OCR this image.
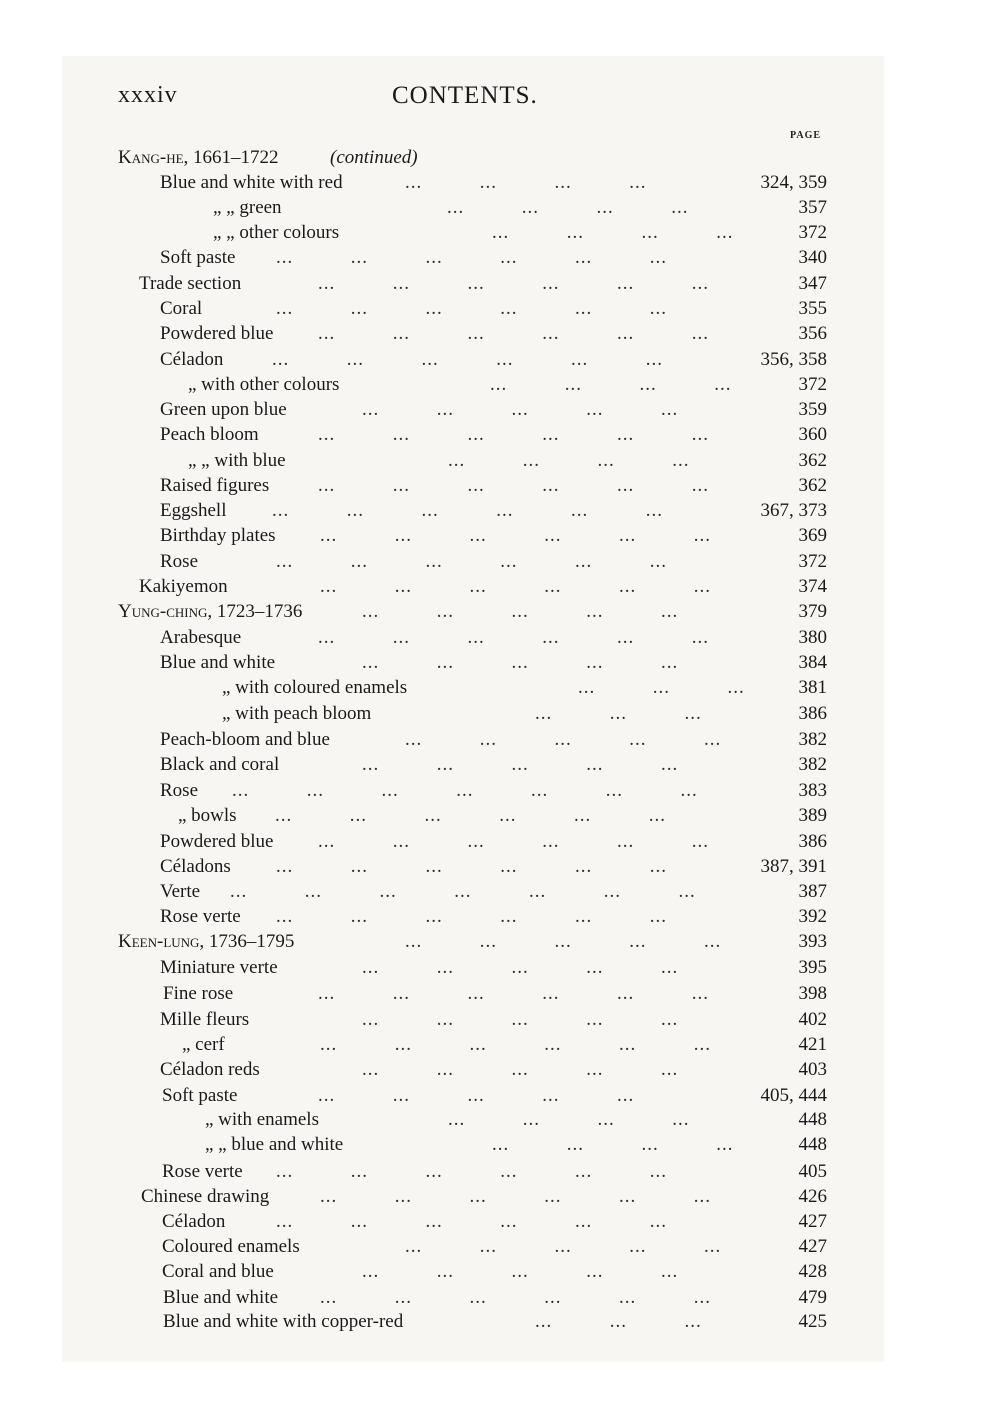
xxxiv	CONTENTS.
PAGE
Kang-he, 1661–1722	(continued)
Blue and white with red	...          ...          ...          ...	324, 359
„ „ green	...          ...          ...          ...	357
„ „ other colours	...          ...          ...          ...	372
Soft paste ...          ...          ...          ...          ...          ...	340
Trade section	...          ...          ...          ...          ...          ...	347
Coral	...          ...          ...          ...          ...          ...	355
Powdered blue ...          ...          ...          ...          ...          ...	356
Céladon	...          ...          ...          ...          ...          ...	356, 358
„ with other colours	...          ...          ...          ...	372
Green upon blue	...          ...          ...          ...          ...	359
Peach bloom	...          ...          ...          ...          ...          ...	360
„ „ with blue	...          ...          ...          ...	362
Raised figures	...          ...          ...          ...          ...          ...	362
Eggshell ...          ...          ...          ...          ...          ...	367, 373
Birthday plates ...          ...          ...          ...          ...          ...	369
Rose	...          ...          ...          ...          ...          ...	372
Kakiyemon	...          ...          ...          ...          ...          ...	374
Yung-ching, 1723–1736	...          ...          ...          ...          ...	379
Arabesque	...          ...          ...          ...          ...          ...	380
Blue and white	...          ...          ...          ...          ...	384
„ with coloured enamels	...          ...          ...	381
„ with peach bloom	...          ...          ...	386
Peach-bloom and blue	...          ...          ...          ...          ...	382
Black and coral	...          ...          ...          ...          ...	382
Rose ...          ...          ...          ...          ...          ...          ...	383
„ bowls ...          ...          ...          ...          ...          ...	389
Powdered blue ...          ...          ...          ...          ...          ...	386
Céladons ...          ...          ...          ...          ...          ...	387, 391
Verte ...          ...          ...          ...          ...          ...          ...	387
Rose verte ...          ...          ...          ...          ...          ...	392
Keen-lung, 1736–1795	...          ...          ...          ...          ...	393
Miniature verte	...          ...          ...          ...          ...	395
Fine rose	...          ...          ...          ...          ...          ...	398
Mille fleurs	...          ...          ...          ...          ...	402
„ cerf	...          ...          ...          ...          ...          ...	421
Céladon reds	...          ...          ...          ...          ...	403
Soft paste	...          ...          ...          ...          ...	405, 444
„ with enamels	...          ...          ...          ...	448
„ „ blue and white	...          ...          ...          ...	448
Rose verte ...          ...          ...          ...          ...          ...	405
Chinese drawing	...          ...          ...          ...          ...          ...	426
Céladon	...          ...          ...          ...          ...          ...	427
Coloured enamels	...          ...          ...          ...          ...	427
Coral and blue	...          ...          ...          ...          ...	428
Blue and white ...          ...          ...          ...          ...          ...	479
Blue and white with copper-red	...          ...          ...	425
